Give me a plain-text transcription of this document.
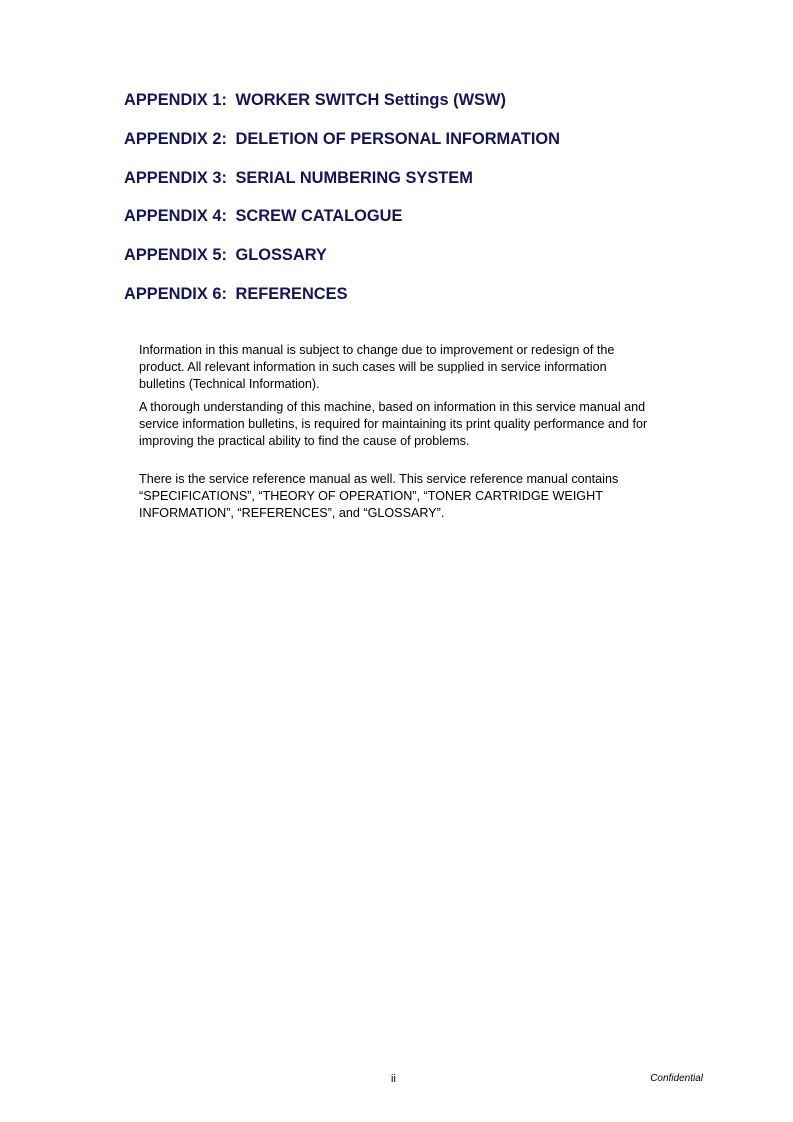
APPENDIX 1: WORKER SWITCH Settings (WSW)
APPENDIX 2: DELETION OF PERSONAL INFORMATION
APPENDIX 3: SERIAL NUMBERING SYSTEM
APPENDIX 4: SCREW CATALOGUE
APPENDIX 5: GLOSSARY
APPENDIX 6: REFERENCES

Information in this manual is subject to change due to improvement or redesign of the
product. All relevant information in such cases will be supplied in service information
bulletins (Technical Information).

A thorough understanding of this machine, based on information in this service manual and
service information bulletins, is required for maintaining its print quality performance and for
improving the practical ability to find the cause of problems.

There is the service reference manual as well. This service reference manual contains
“SPECIFICATIONS”, “THEORY OF OPERATION”, “TONER CARTRIDGE WEIGHT
INFORMATION”, “REFERENCES”, and “GLOSSARY”.

ii	Confidential
